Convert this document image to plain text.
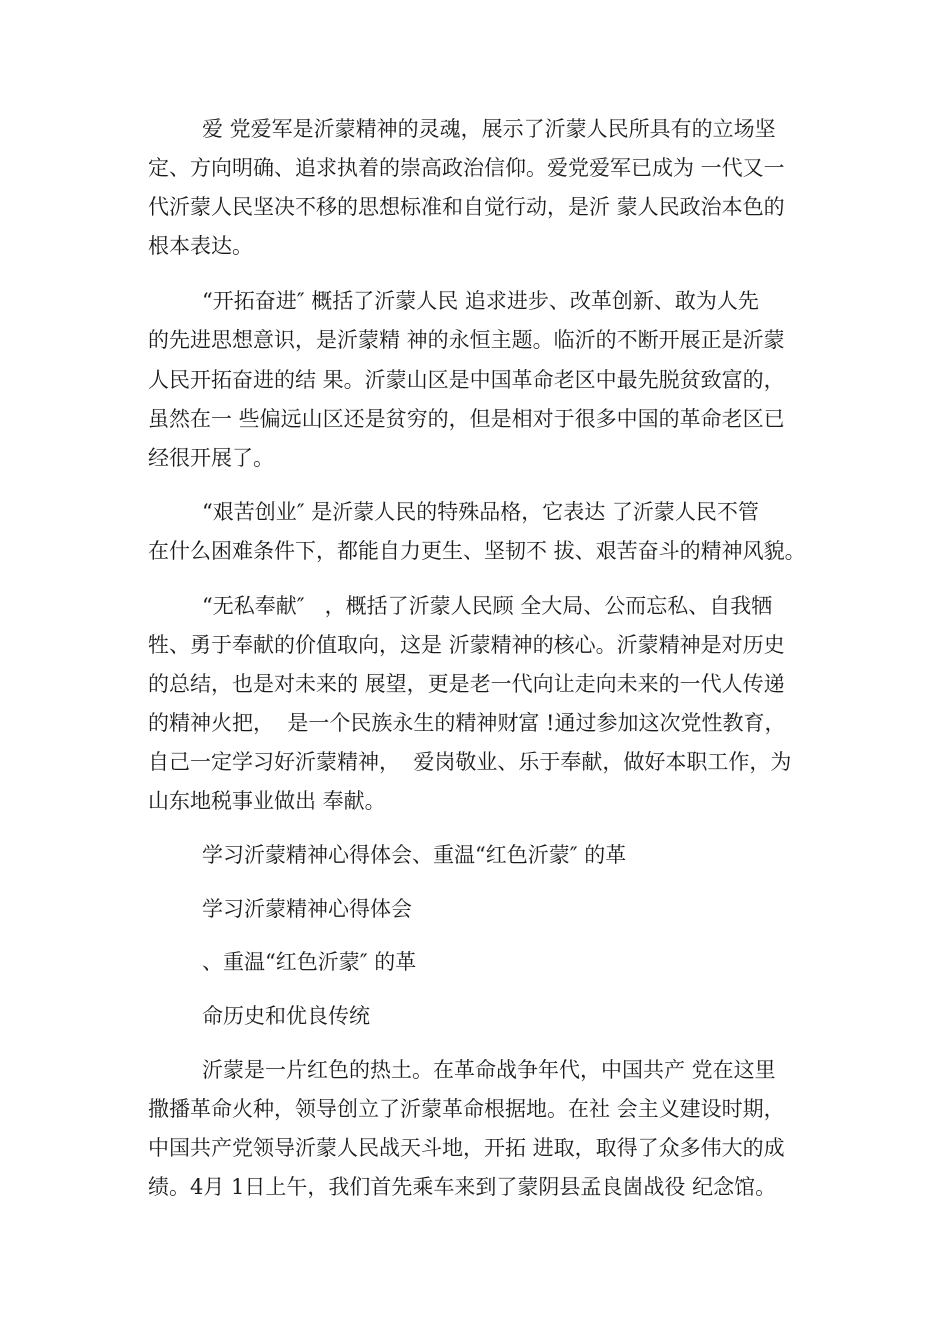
爱 党爱军是沂蒙精神的灵魂，展示了沂蒙人民所具有的立场坚
定、方向明确、追求执着的崇高政治信仰。爱党爱军已成为 一代又一
代沂蒙人民坚决不移的思想标准和自觉行动，是沂 蒙人民政治本色的
根本表达。
“开拓奋进″ 概括了沂蒙人民 追求进步、改革创新、敢为人先
的先进思想意识，是沂蒙精 神的永恒主题。临沂的不断开展正是沂蒙
人民开拓奋进的结 果。沂蒙山区是中国革命老区中最先脱贫致富的，
虽然在一 些偏远山区还是贫穷的，但是相对于很多中国的革命老区已
经很开展了。
“艰苦创业″ 是沂蒙人民的特殊品格，它表达 了沂蒙人民不管
在什么困难条件下，都能自力更生、坚韧不 拔、艰苦奋斗的精神风貌。
“无私奉献″   ，概括了沂蒙人民顾 全大局、公而忘私、自我牺
牲、勇于奉献的价值取向，这是 沂蒙精神的核心。沂蒙精神是对历史
的总结，也是对未来的 展望，更是老一代向让走向未来的一代人传递
的精神火把，  是一个民族永生的精神财富 !通过参加这次党性教育，
自己一定学习好沂蒙精神，  爱岗敬业、乐于奉献，做好本职工作，为
山东地税事业做出 奉献。
学习沂蒙精神心得体会、重温“红色沂蒙″ 的革
学习沂蒙精神心得体会
、重温“红色沂蒙″ 的革
命历史和优良传统
沂蒙是一片红色的热土。在革命战争年代，中国共产 党在这里
撒播革命火种，领导创立了沂蒙革命根据地。在社 会主义建设时期，
中国共产党领导沂蒙人民战天斗地，开拓 进取，取得了众多伟大的成
绩。4月 1日上午，我们首先乘车来到了蒙阴县孟良崮战役 纪念馆。
